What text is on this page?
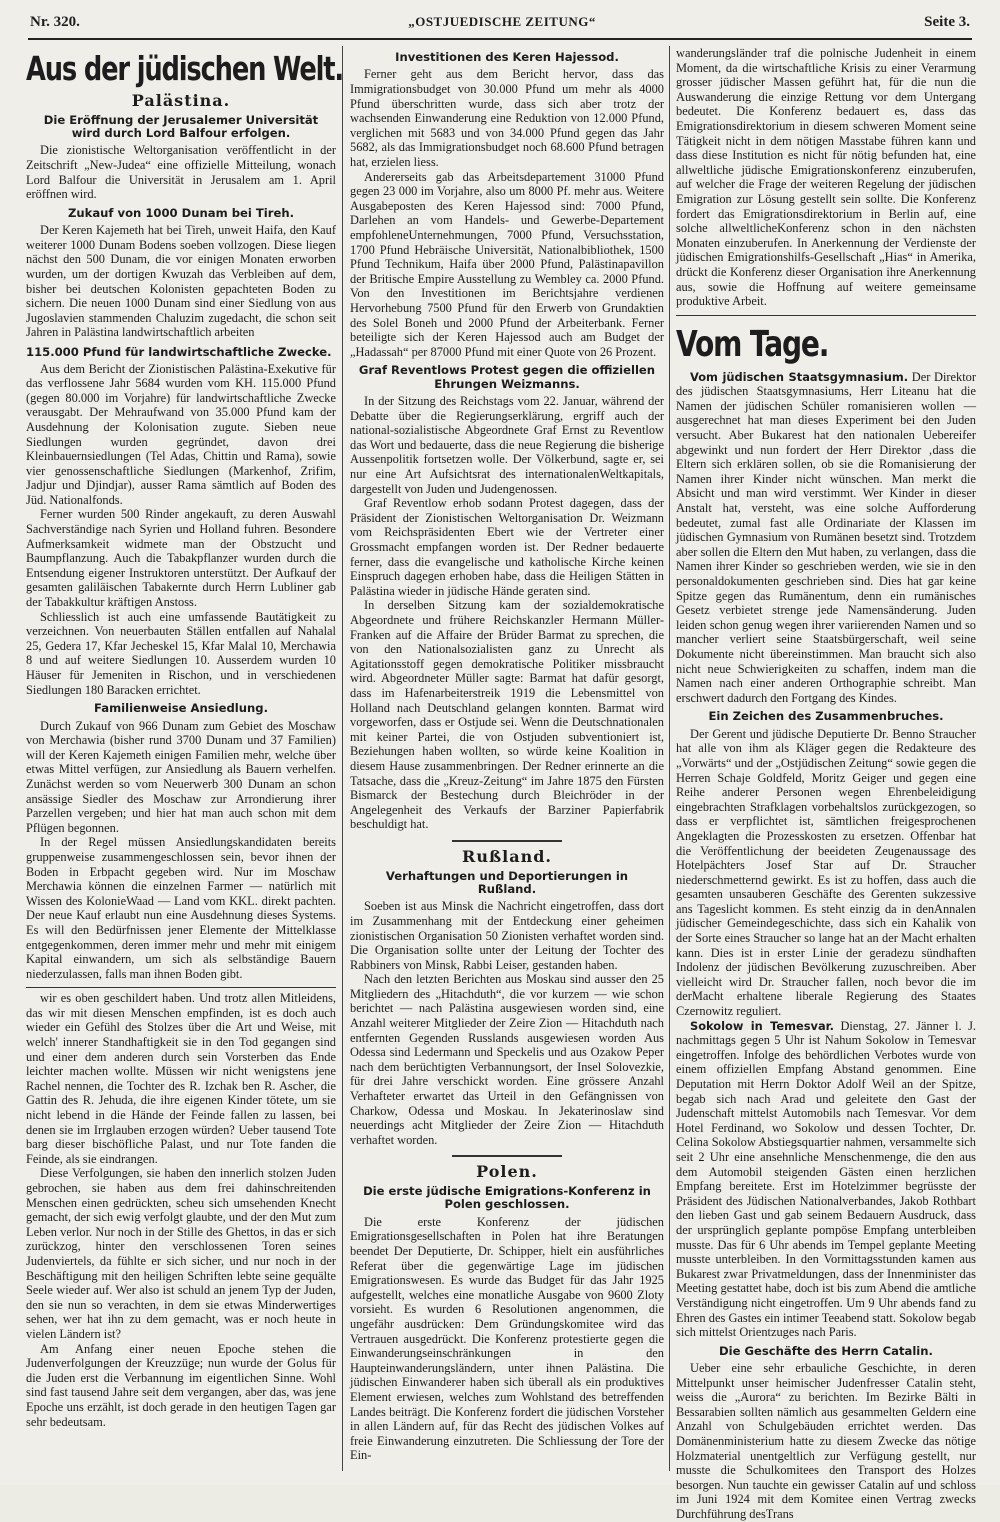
Nr. 320.	„OSTJUEDISCHE ZEITUNG“	Seite 3.
Aus der jüdischen Welt.
Palästina.
Die Eröffnung der Jerusalemer Universität wird durch Lord Balfour erfolgen.

Die zionistische Weltorganisation veröffentlicht in der Zeitschrift „New-Judea“ eine offizielle Mitteilung, wonach Lord Balfour die Universität in Jerusalem am 1. April eröffnen wird.

Zukauf von 1000 Dunam bei Tireh.

Der Keren Kajemeth hat bei Tireh, unweit Haifa, den Kauf weiterer 1000 Dunam Bodens soeben vollzogen. Diese liegen nächst den 500 Dunam, die vor einigen Monaten erworben wurden, um der dortigen Kwuzah das Verbleiben auf dem, bisher bei deutschen Kolonisten gepachteten Boden zu sichern. Die neuen 1000 Dunam sind einer Siedlung von aus Jugoslavien stammenden Chaluzim zugedacht, die schon seit Jahren in Palästina landwirtschaftlich arbeiten

115.000 Pfund für landwirtschaftliche Zwecke.

Aus dem Bericht der Zionistischen Palästina-Exekutive für das verflossene Jahr 5684 wurden vom KH. 115.000 Pfund (gegen 80.000 im Vorjahre) für landwirtschaftliche Zwecke verausgabt. Der Mehraufwand von 35.000 Pfund kam der Ausdehnung der Kolonisation zugute. Sieben neue Siedlungen wurden gegründet, davon drei Kleinbauernsiedlungen (Tel Adas, Chittin und Rama), sowie vier genossenschaftliche Siedlungen (Markenhof, Zrifim, Jadjur und Djindjar), ausser Rama sämtlich auf Boden des Jüd. Nationalfonds.

Ferner wurden 500 Rinder angekauft, zu deren Auswahl Sachverständige nach Syrien und Holland fuhren. Besondere Aufmerksamkeit widmete man der Obstzucht und Baumpflanzung. Auch die Tabakpflanzer wurden durch die Entsendung eigener Instruktoren unterstützt. Der Aufkauf der gesamten galiläischen Tabakernte durch Herrn Lubliner gab der Tabakkultur kräftigen Anstoss.

Schliesslich ist auch eine umfassende Bautätigkeit zu verzeichnen. Von neuerbauten Ställen entfallen auf Nahalal 25, Gedera 17, Kfar Jecheskel 15, Kfar Malal 10, Merchawia 8 und auf weitere Siedlungen 10. Ausserdem wurden 10 Häuser für Jemeniten in Rischon, und in verschiedenen Siedlungen 180 Baracken errichtet.

Familienweise Ansiedlung.

Durch Zukauf von 966 Dunam zum Gebiet des Moschaw von Merchawia (bisher rund 3700 Dunam und 37 Familien) will der Keren Kajemeth einigen Familien mehr, welche über etwas Mittel verfügen, zur Ansiedlung als Bauern verhelfen. Zunächst werden so vom Neuerwerb 300 Dunam an schon ansässige Siedler des Moschaw zur Arrondierung ihrer Parzellen vergeben; und hier hat man auch schon mit dem Pflügen begonnen.

In der Regel müssen Ansiedlungskandidaten bereits gruppenweise zusammengeschlossen sein, bevor ihnen der Boden in Erbpacht gegeben wird. Nur im Moschaw Merchawia können die einzelnen Farmer — natürlich mit Wissen des KolonieWaad — Land vom KKL. direkt pachten. Der neue Kauf erlaubt nun eine Ausdehnung dieses Systems. Es will den Bedürfnissen jener Elemente der Mittelklasse entgegenkommen, deren immer mehr und mehr mit einigem Kapital einwandern, um sich als selbständige Bauern niederzulassen, falls man ihnen Boden gibt.

wir es oben geschildert haben. Und trotz allen Mitleidens, das wir mit diesen Menschen empfinden, ist es doch auch wieder ein Gefühl des Stolzes über die Art und Weise, mit welch' innerer Standhaftigkeit sie in den Tod gegangen sind und einer dem anderen durch sein Vorsterben das Ende leichter machen wollte. Müssen wir nicht wenigstens jene Rachel nennen, die Tochter des R. Izchak ben R. Ascher, die Gattin des R. Jehuda, die ihre eigenen Kinder tötete, um sie nicht lebend in die Hände der Feinde fallen zu lassen, bei denen sie im Irrglauben erzogen würden? Ueber tausend Tote barg dieser bischöfliche Palast, und nur Tote fanden die Feinde, als sie eindrangen.

Diese Verfolgungen, sie haben den innerlich stolzen Juden gebrochen, sie haben aus dem frei dahinschreitenden Menschen einen gedrückten, scheu sich umsehenden Knecht gemacht, der sich ewig verfolgt glaubte, und der den Mut zum Leben verlor. Nur noch in der Stille des Ghettos, in das er sich zurückzog, hinter den verschlossenen Toren seines Judenviertels, da fühlte er sich sicher, und nur noch in der Beschäftigung mit den heiligen Schriften lebte seine gequälte Seele wieder auf. Wer also ist schuld an jenem Typ der Juden, den sie nun so verachten, in dem sie etwas Minderwertiges sehen, wer hat ihn zu dem gemacht, was er noch heute in vielen Ländern ist?

Am Anfang einer neuen Epoche stehen die Judenverfolgungen der Kreuzzüge; nun wurde der Golus für die Juden erst die Verbannung im eigentlichen Sinne. Wohl sind fast tausend Jahre seit dem vergangen, aber das, was jene Epoche uns erzählt, ist doch gerade in den heutigen Tagen gar sehr bedeutsam.

Investitionen des Keren Hajessod.

Ferner geht aus dem Bericht hervor, dass das Immigrationsbudget von 30.000 Pfund um mehr als 4000 Pfund überschritten wurde, dass sich aber trotz der wachsenden Einwanderung eine Reduktion von 12.000 Pfund, verglichen mit 5683 und von 34.000 Pfund gegen das Jahr 5682, als das Immigrationsbudget noch 68.600 Pfund betragen hat, erzielen liess.

Andererseits gab das Arbeitsdepartement 31000 Pfund gegen 23 000 im Vorjahre, also um 8000 Pf. mehr aus. Weitere Ausgabeposten des Keren Hajessod sind: 7000 Pfund, Darlehen an vom Handels- und Gewerbe-Departement empfohleneUnternehmungen, 7000 Pfund, Versuchsstation, 1700 Pfund Hebräische Universität, Nationalbibliothek, 1500 Pfund Technikum, Haifa über 2000 Pfund, Palästinapavillon der Britische Empire Ausstellung zu Wembley ca. 2000 Pfund. Von den Investitionen im Berichtsjahre verdienen Hervorhebung 7500 Pfund für den Erwerb von Grundaktien des Solel Boneh und 2000 Pfund der Arbeiterbank. Ferner beteiligte sich der Keren Hajessod auch am Budget der „Hadassah“ per 87000 Pfund mit einer Quote von 26 Prozent.

Graf Reventlows Protest gegen die offiziellen Ehrungen Weizmanns.

In der Sitzung des Reichstags vom 22. Januar, während der Debatte über die Regierungserklärung, ergriff auch der national-sozialistische Abgeordnete Graf Ernst zu Reventlow das Wort und bedauerte, dass die neue Regierung die bisherige Aussenpolitik fortsetzen wolle. Der Völkerbund, sagte er, sei nur eine Art Aufsichtsrat des internationalenWeltkapitals, dargestellt von Juden und Judengenossen.

Graf Reventlow erhob sodann Protest dagegen, dass der Präsident der Zionistischen Weltorganisation Dr. Weizmann vom Reichspräsidenten Ebert wie der Vertreter einer Grossmacht empfangen worden ist. Der Redner bedauerte ferner, dass die evangelische und katholische Kirche keinen Einspruch dagegen erhoben habe, dass die Heiligen Stätten in Palästina wieder in jüdische Hände geraten sind.

In derselben Sitzung kam der sozialdemokratische Abgeordnete und frühere Reichskanzler Hermann Müller-Franken auf die Affaire der Brüder Barmat zu sprechen, die von den Nationalsozialisten ganz zu Unrecht als Agitationsstoff gegen demokratische Politiker missbraucht wird. Abgeordneter Müller sagte: Barmat hat dafür gesorgt, dass im Hafenarbeiterstreik 1919 die Lebensmittel von Holland nach Deutschland gelangen konnten. Barmat wird vorgeworfen, dass er Ostjude sei. Wenn die Deutschnationalen mit keiner Partei, die von Ostjuden subventioniert ist, Beziehungen haben wollten, so würde keine Koalition in diesem Hause zusammenbringen. Der Redner erinnerte an die Tatsache, dass die „Kreuz-Zeitung“ im Jahre 1875 den Fürsten Bismarck der Bestechung durch Bleichröder in der Angelegenheit des Verkaufs der Barziner Papierfabrik beschuldigt hat.

Rußland.
Verhaftungen und Deportierungen in Rußland.

Soeben ist aus Minsk die Nachricht eingetroffen, dass dort im Zusammenhang mit der Entdeckung einer geheimen zionistischen Organisation 50 Zionisten verhaftet worden sind. Die Organisation sollte unter der Leitung der Tochter des Rabbiners von Minsk, Rabbi Leiser, gestanden haben.

Nach den letzten Berichten aus Moskau sind ausser den 25 Mitgliedern des „Hitachduth“, die vor kurzem — wie schon berichtet — nach Palästina ausgewiesen worden sind, eine Anzahl weiterer Mitglieder der Zeire Zion — Hitachduth nach entfernten Gegenden Russlands ausgewiesen worden Aus Odessa sind Ledermann und Speckelis und aus Ozakow Peper nach dem berüchtigten Verbannungsort, der Insel Solovezkie, für drei Jahre verschickt worden. Eine grössere Anzahl Verhafteter erwartet das Urteil in den Gefängnissen von Charkow, Odessa und Moskau. In Jekaterinoslaw sind neuerdings acht Mitglieder der Zeire Zion — Hitachduth verhaftet worden.

Polen.
Die erste jüdische Emigrations-Konferenz in Polen geschlossen.

Die erste Konferenz der jüdischen Emigrationsgesellschaften in Polen hat ihre Beratungen beendet Der Deputierte, Dr. Schipper, hielt ein ausführliches Referat über die gegenwärtige Lage im jüdischen Emigrationswesen. Es wurde das Budget für das Jahr 1925 aufgestellt, welches eine monatliche Ausgabe von 9600 Zloty vorsieht. Es wurden 6 Resolutionen angenommen, die ungefähr ausdrücken: Dem Gründungskomitee wird das Vertrauen ausgedrückt. Die Konferenz protestierte gegen die Einwanderungseinschränkungen in den Haupteinwanderungsländern, unter ihnen Palästina. Die jüdischen Einwanderer haben sich überall als ein produktives Element erwiesen, welches zum Wohlstand des betreffenden Landes beiträgt. Die Konferenz fordert die jüdischen Vorsteher in allen Ländern auf, für das Recht des jüdischen Volkes auf freie Einwanderung einzutreten. Die Schliessung der Tore der Ein-

wanderungsländer traf die polnische Judenheit in einem Moment, da die wirtschaftliche Krisis zu einer Verarmung grosser jüdischer Massen geführt hat, für die nun die Auswanderung die einzige Rettung vor dem Untergang bedeutet. Die Konferenz bedauert es, dass das Emigrationsdirektorium in diesem schweren Moment seine Tätigkeit nicht in dem nötigen Masstabe führen kann und dass diese Institution es nicht für nötig befunden hat, eine allweltliche jüdische Emigrationskonferenz einzuberufen, auf welcher die Frage der weiteren Regelung der jüdischen Emigration zur Lösung gestellt sein sollte. Die Konferenz fordert das Emigrationsdirektorium in Berlin auf, eine solche allweltlicheKonferenz schon in den nächsten Monaten einzuberufen. In Anerkennung der Verdienste der jüdischen Emigrationshilfs-Gesellschaft „Hias“ in Amerika, drückt die Konferenz dieser Organisation ihre Anerkennung aus, sowie die Hoffnung auf weitere gemeinsame produktive Arbeit.

Vom Tage.

Vom jüdischen Staatsgymnasium. Der Direktor des jüdischen Staatsgymnasiums, Herr Liteanu hat die Namen der jüdischen Schüler romanisieren wollen — ausgerechnet hat man dieses Experiment bei den Juden versucht. Aber Bukarest hat den nationalen Uebereifer abgewinkt und nun fordert der Herr Direktor ‚dass die Eltern sich erklären sollen, ob sie die Romanisierung der Namen ihrer Kinder nicht wünschen. Man merkt die Absicht und man wird verstimmt. Wer Kinder in dieser Anstalt hat, versteht, was eine solche Aufforderung bedeutet, zumal fast alle Ordinariate der Klassen im jüdischen Gymnasium von Rumänen besetzt sind. Trotzdem aber sollen die Eltern den Mut haben, zu verlangen, dass die Namen ihrer Kinder so geschrieben werden, wie sie in den personaldokumenten geschrieben sind. Dies hat gar keine Spitze gegen das Rumänentum, denn ein rumänisches Gesetz verbietet strenge jede Namensänderung. Juden leiden schon genug wegen ihrer variierenden Namen und so mancher verliert seine Staatsbürgerschaft, weil seine Dokumente nicht übereinstimmen. Man braucht sich also nicht neue Schwierigkeiten zu schaffen, indem man die Namen nach einer anderen Orthographie schreibt. Man erschwert dadurch den Fortgang des Kindes.

Ein Zeichen des Zusammenbruches.

Der Gerent und jüdische Deputierte Dr. Benno Straucher hat alle von ihm als Kläger gegen die Redakteure des „Vorwärts“ und der „Ostjüdischen Zeitung“ sowie gegen die Herren Schaje Goldfeld, Moritz Geiger und gegen eine Reihe anderer Personen wegen Ehrenbeleidigung eingebrachten Strafklagen vorbehaltslos zurückgezogen, so dass er verpflichtet ist, sämtlichen freigesprochenen Angeklagten die Prozesskosten zu ersetzen. Offenbar hat die Veröffentlichung der beeideten Zeugenaussage des Hotelpächters Josef Star auf Dr. Straucher niederschmetternd gewirkt. Es ist zu hoffen, dass auch die gesamten unsauberen Geschäfte des Gerenten sukzessive ans Tageslicht kommen. Es steht einzig da in denAnnalen jüdischer Gemeindegeschichte, dass sich ein Kahalik von der Sorte eines Straucher so lange hat an der Macht erhalten kann. Dies ist in erster Linie der geradezu sündhaften Indolenz der jüdischen Bevölkerung zuzuschreiben. Aber vielleicht wird Dr. Straucher fallen, noch bevor die im derMacht erhaltene liberale Regierung des Staates Czernowitz reguliert.

Sokolow in Temesvar. Dienstag, 27. Jänner l. J. nachmittags gegen 5 Uhr ist Nahum Sokolow in Temesvar eingetroffen. Infolge des behördlichen Verbotes wurde von einem offiziellen Empfang Abstand genommen. Eine Deputation mit Herrn Doktor Adolf Weil an der Spitze, begab sich nach Arad und geleitete den Gast der Judenschaft mittelst Automobils nach Temesvar. Vor dem Hotel Ferdinand, wo Sokolow und dessen Tochter, Dr. Celina Sokolow Abstiegsquartier nahmen, versammelte sich seit 2 Uhr eine ansehnliche Menschenmenge, die den aus dem Automobil steigenden Gästen einen herzlichen Empfang bereitete. Erst im Hotelzimmer begrüsste der Präsident des Jüdischen Nationalverbandes, Jakob Rothbart den lieben Gast und gab seinem Bedauern Ausdruck, dass der ursprünglich geplante pompöse Empfang unterbleiben musste. Das für 6 Uhr abends im Tempel geplante Meeting musste unterbleiben. In den Vormittagsstunden kamen aus Bukarest zwar Privatmeldungen, dass der Innenminister das Meeting gestattet habe, doch ist bis zum Abend die amtliche Verständigung nicht eingetroffen. Um 9 Uhr abends fand zu Ehren des Gastes ein intimer Teeabend statt. Sokolow begab sich mittelst Orientzuges nach Paris.

Die Geschäfte des Herrn Catalin.

Ueber eine sehr erbauliche Geschichte, in deren Mittelpunkt unser heimischer Judenfresser Catalin steht, weiss die „Aurora“ zu berichten. Im Bezirke Bälti in Bessarabien sollten nämlich aus gesammelten Geldern eine Anzahl von Schulgebäuden errichtet werden. Das Domänenministerium hatte zu diesem Zwecke das nötige Holzmaterial unentgeltlich zur Verfügung gestellt, nur musste die Schulkomitees den Transport des Holzes besorgen. Nun tauchte ein gewisser Catalin auf und schloss im Juni 1924 mit dem Komitee einen Vertrag zwecks Durchführung desTrans
